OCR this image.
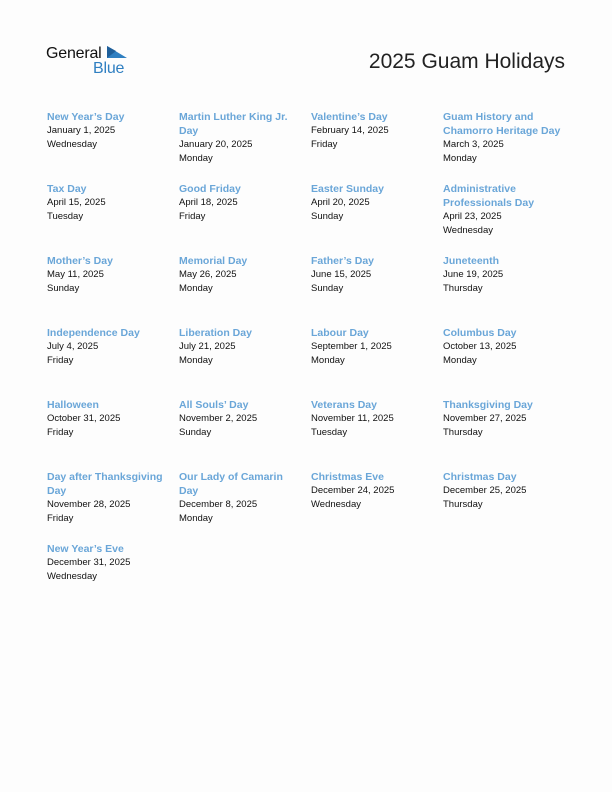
General
Blue	2025 Guam Holidays
New Year’s Day
January 1, 2025
Wednesday
Martin Luther King Jr. Day
January 20, 2025
Monday
Valentine’s Day
February 14, 2025
Friday
Guam History and Chamorro Heritage Day
March 3, 2025
Monday
Tax Day
April 15, 2025
Tuesday
Good Friday
April 18, 2025
Friday
Easter Sunday
April 20, 2025
Sunday
Administrative Professionals Day
April 23, 2025
Wednesday
Mother’s Day
May 11, 2025
Sunday
Memorial Day
May 26, 2025
Monday
Father’s Day
June 15, 2025
Sunday
Juneteenth
June 19, 2025
Thursday
Independence Day
July 4, 2025
Friday
Liberation Day
July 21, 2025
Monday
Labour Day
September 1, 2025
Monday
Columbus Day
October 13, 2025
Monday
Halloween
October 31, 2025
Friday
All Souls’ Day
November 2, 2025
Sunday
Veterans Day
November 11, 2025
Tuesday
Thanksgiving Day
November 27, 2025
Thursday
Day after Thanksgiving Day
November 28, 2025
Friday
Our Lady of Camarin Day
December 8, 2025
Monday
Christmas Eve
December 24, 2025
Wednesday
Christmas Day
December 25, 2025
Thursday
New Year’s Eve
December 31, 2025
Wednesday
